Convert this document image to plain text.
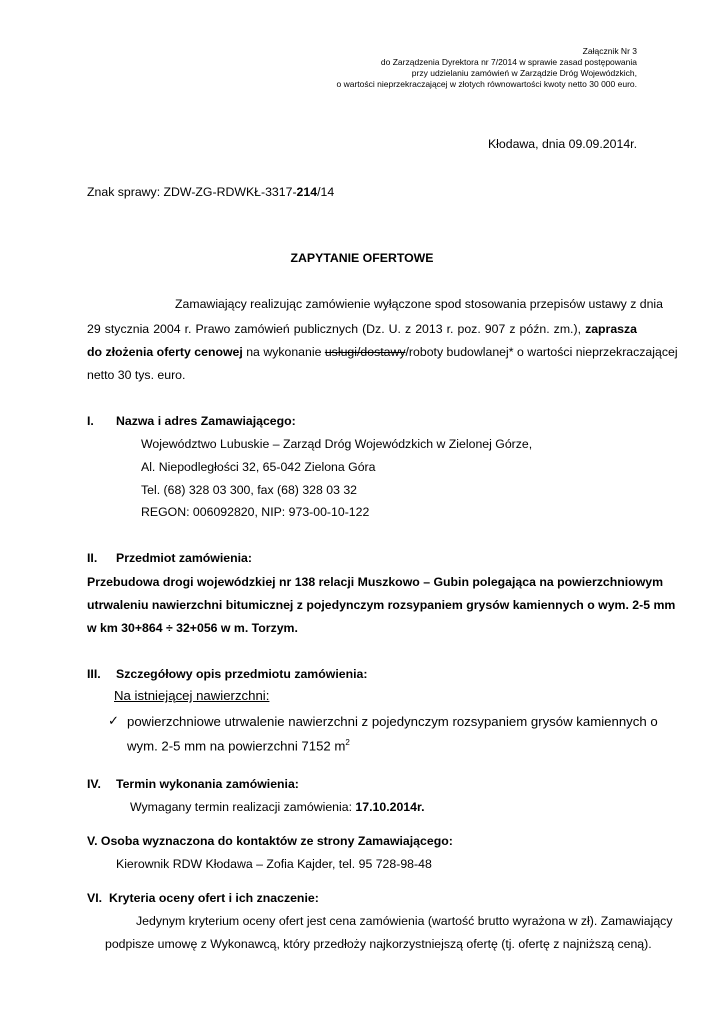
Załącznik Nr 3
do Zarządzenia Dyrektora nr 7/2014 w sprawie zasad postępowania
przy udzielaniu zamówień w Zarządzie Dróg Wojewódzkich,
o wartości nieprzekraczającej w złotych równowartości kwoty netto 30 000 euro.
Kłodawa, dnia 09.09.2014r.
Znak sprawy: ZDW-ZG-RDWKŁ-3317-214/14
ZAPYTANIE OFERTOWE
Zamawiający realizując zamówienie wyłączone spod stosowania przepisów ustawy z dnia
29 stycznia 2004 r. Prawo zamówień publicznych (Dz. U. z 2013 r. poz. 907 z późn. zm.), zaprasza
do złożenia oferty cenowej na wykonanie usługi/dostawy/roboty budowlanej* o wartości nieprzekraczającej
netto 30 tys. euro.
I.	Nazwa i adres Zamawiającego:
Województwo Lubuskie – Zarząd Dróg Wojewódzkich w Zielonej Górze,
Al. Niepodległości 32, 65-042 Zielona Góra
Tel. (68) 328 03 300, fax (68) 328 03 32
REGON: 006092820, NIP: 973-00-10-122
II.	Przedmiot zamówienia:
Przebudowa drogi wojewódzkiej nr 138 relacji Muszkowo – Gubin polegająca na powierzchniowym
utrwaleniu nawierzchni bitumicznej z pojedynczym rozsypaniem grysów kamiennych o wym. 2-5 mm
w km 30+864 ÷ 32+056 w m. Torzym.
III.	Szczegółowy opis przedmiotu zamówienia:
Na istniejącej nawierzchni:
✓ powierzchniowe utrwalenie nawierzchni z pojedynczym rozsypaniem grysów kamiennych o
wym. 2-5 mm na powierzchni 7152 $m^2$
IV.	Termin wykonania zamówienia:
Wymagany termin realizacji zamówienia: 17.10.2014r.
V. Osoba wyznaczona do kontaktów ze strony Zamawiającego:
Kierownik RDW Kłodawa – Zofia Kajder, tel. 95 728-98-48
VI. Kryteria oceny ofert i ich znaczenie:
Jedynym kryterium oceny ofert jest cena zamówienia (wartość brutto wyrażona w zł). Zamawiający
podpisze umowę z Wykonawcą, który przedłoży najkorzystniejszą ofertę (tj. ofertę z najniższą ceną).
